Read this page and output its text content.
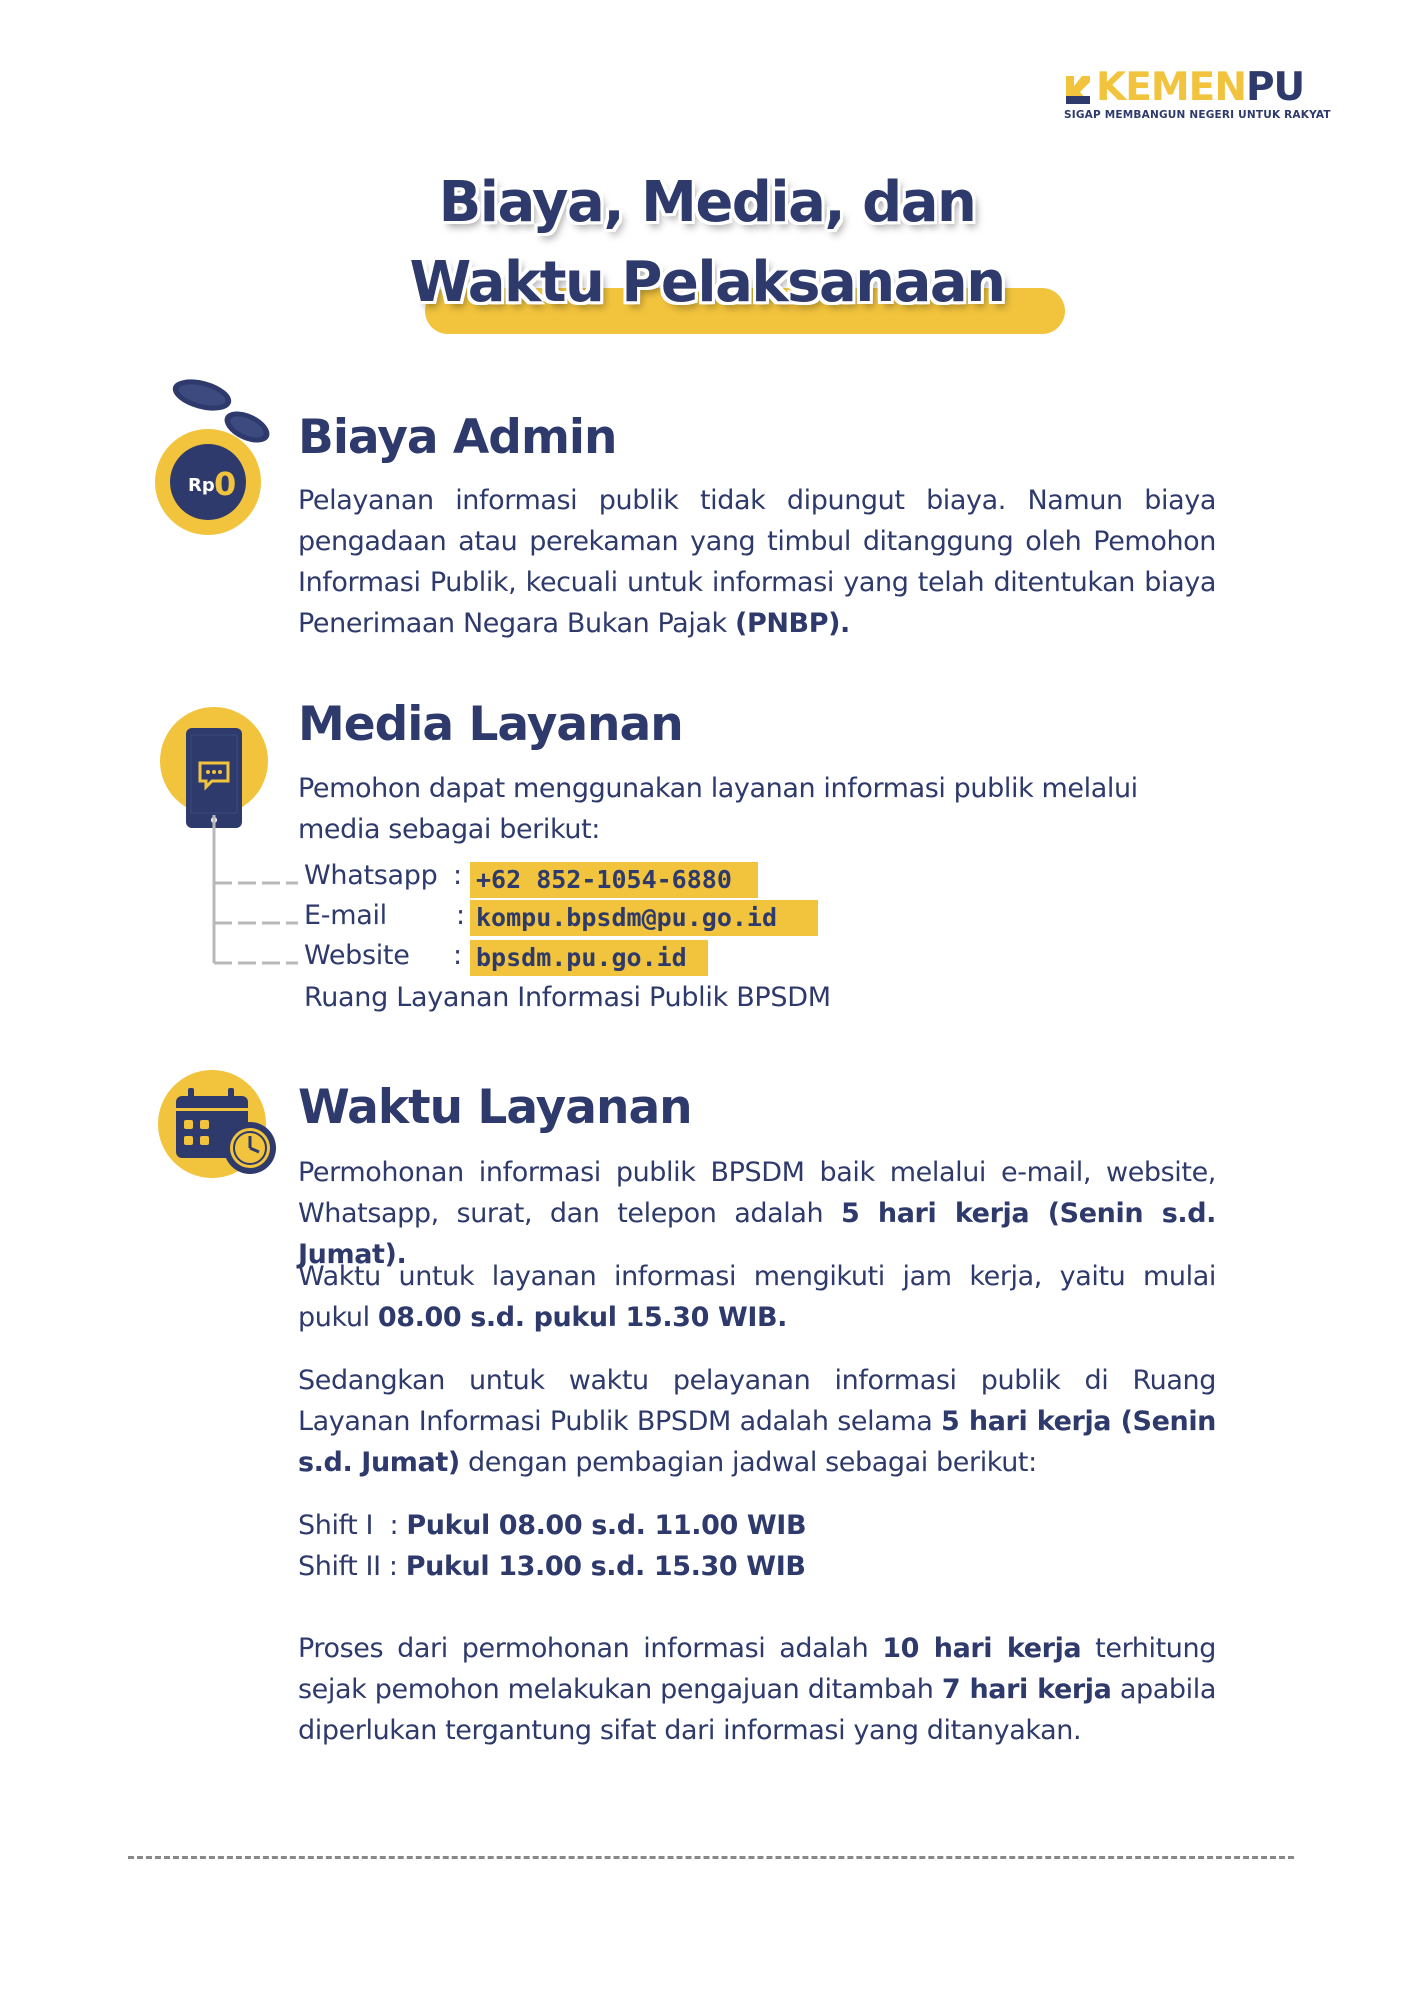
KEMENPU
SIGAP MEMBANGUN NEGERI UNTUK RAKYAT
Biaya, Media, dan
Waktu Pelaksanaan
Rp.
0
Biaya Admin
Pelayanan informasi publik tidak dipungut biaya. Namun biaya pengadaan atau perekaman yang timbul ditanggung oleh Pemohon Informasi Publik, kecuali untuk informasi yang telah ditentukan biaya Penerimaan Negara Bukan Pajak (PNBP).
Media Layanan
Pemohon dapat menggunakan layanan informasi publik melalui media sebagai berikut:
Whatsapp : +62 852-1054-6880
E-mail	: kompu.bpsdm@pu.go.id
Website : bpsdm.pu.go.id
Ruang Layanan Informasi Publik BPSDM
Waktu Layanan
Permohonan informasi publik BPSDM baik melalui e-mail, website, Whatsapp, surat, dan telepon adalah 5 hari kerja (Senin s.d. Jumat).
Waktu untuk layanan informasi mengikuti jam kerja, yaitu mulai pukul 08.00 s.d. pukul 15.30 WIB.
Sedangkan untuk waktu pelayanan informasi publik di Ruang Layanan Informasi Publik BPSDM adalah selama 5 hari kerja (Senin s.d. Jumat) dengan pembagian jadwal sebagai berikut:
Shift I  : Pukul 08.00 s.d. 11.00 WIB
Shift II : Pukul 13.00 s.d. 15.30 WIB
Proses dari permohonan informasi adalah 10 hari kerja terhitung sejak pemohon melakukan pengajuan ditambah 7 hari kerja apabila diperlukan tergantung sifat dari informasi yang ditanyakan.
